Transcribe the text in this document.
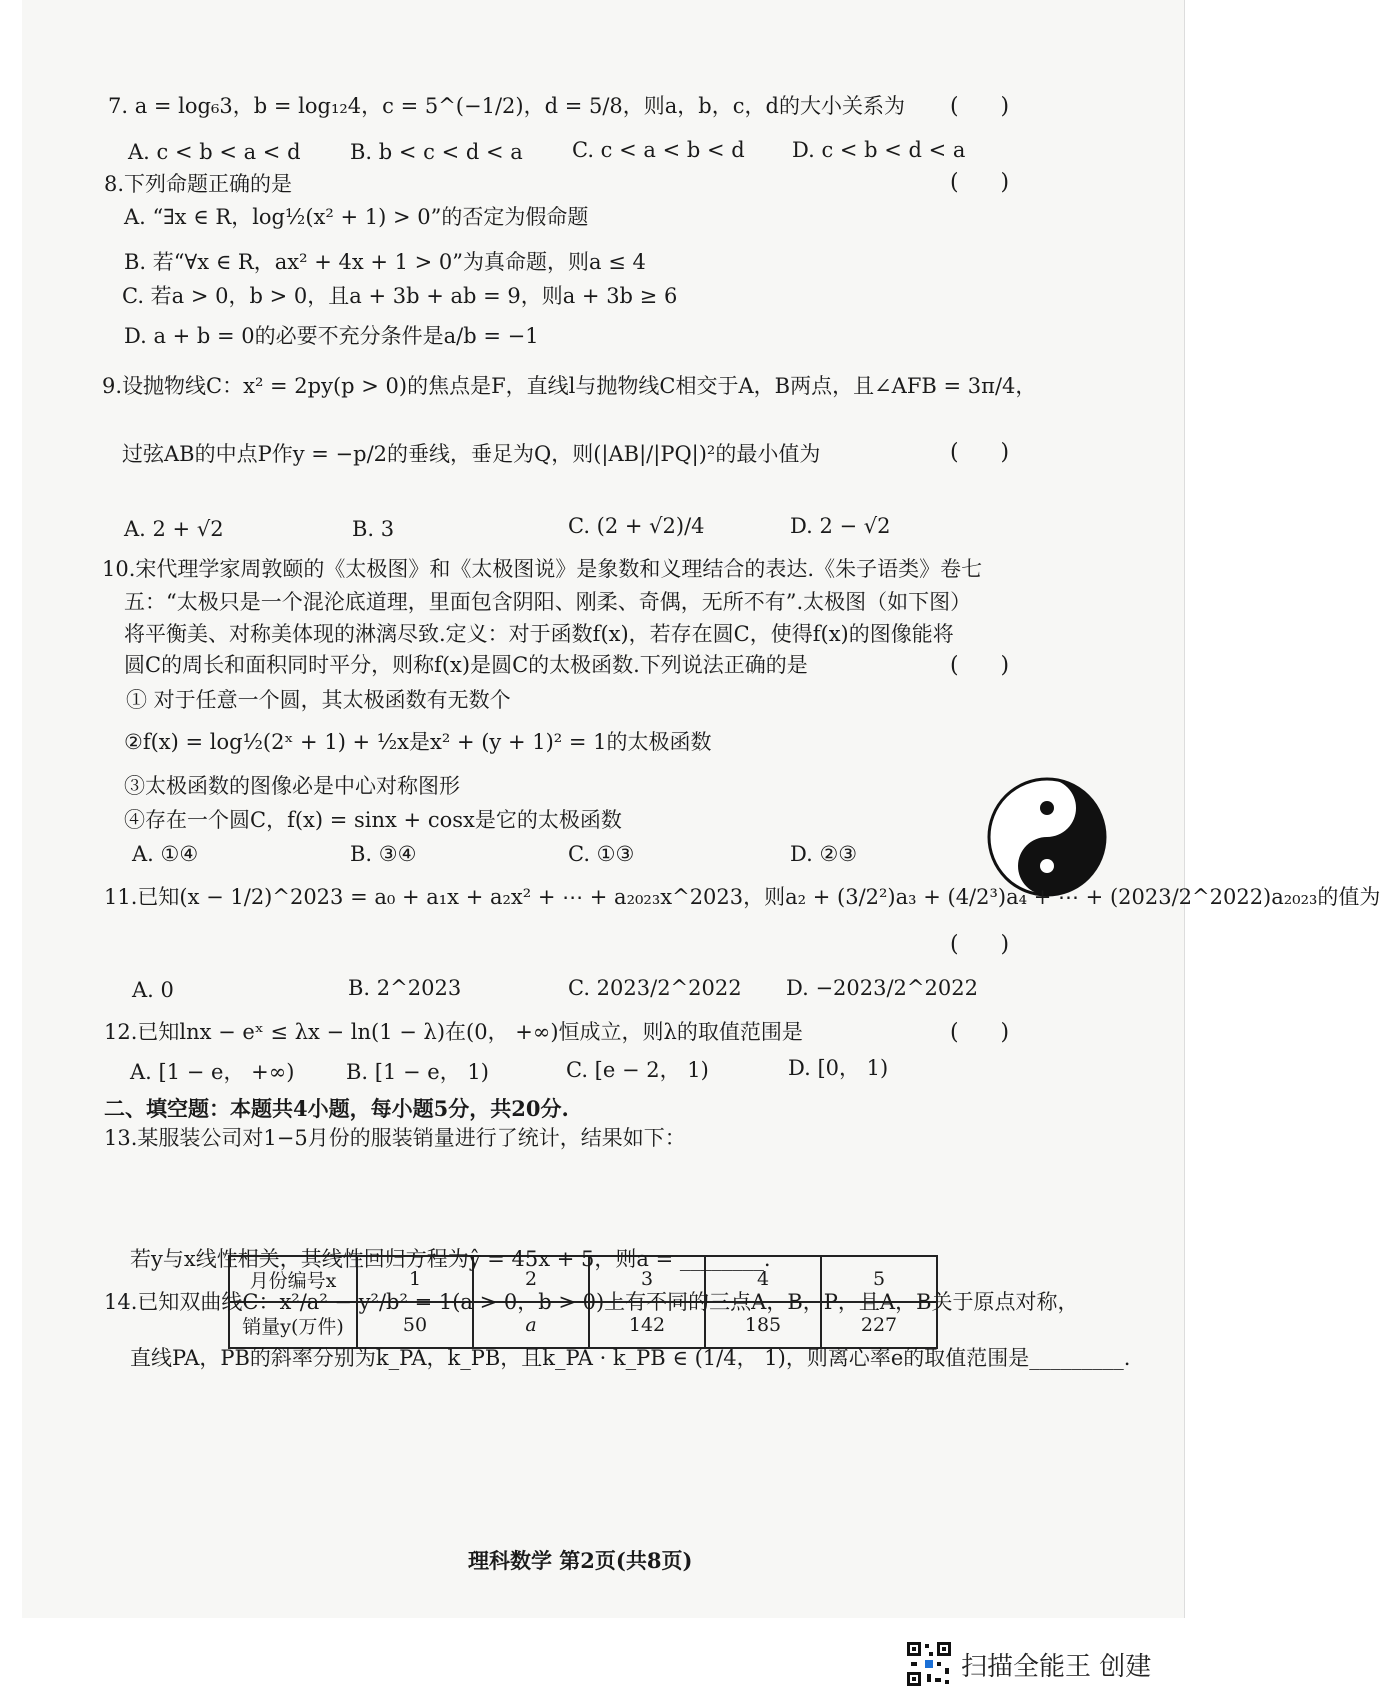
7. a = log₆3，b = log₁₂4，c = 5^(−1/2)，d = 5/8，则a，b，c，d的大小关系为 (      )
A. c < b < a < d B. b < c < d < a C. c < a < b < d D. c < b < d < a
8.下列命题正确的是	(      )
A. “∃x ∈ R，log½(x² + 1) > 0”的否定为假命题
B. 若“∀x ∈ R，ax² + 4x + 1 > 0”为真命题，则a ≤ 4
C. 若a > 0，b > 0，且a + 3b + ab = 9，则a + 3b ≥ 6
D. a + b = 0的必要不充分条件是a/b = −1
9.设抛物线C：x² = 2py(p > 0)的焦点是F，直线l与抛物线C相交于A，B两点，且∠AFB = 3π/4，
过弦AB的中点P作y = −p/2的垂线，垂足为Q，则(|AB|/|PQ|)²的最小值为	(      )
A. 2 + √2	B. 3	C. (2 + √2)/4	D. 2 − √2
10.宋代理学家周敦颐的《太极图》和《太极图说》是象数和义理结合的表达.《朱子语类》卷七
五：“太极只是一个混沦底道理，里面包含阴阳、刚柔、奇偶，无所不有”.太极图（如下图）
将平衡美、对称美体现的淋漓尽致.定义：对于函数f(x)，若存在圆C，使得f(x)的图像能将
圆C的周长和面积同时平分，则称f(x)是圆C的太极函数.下列说法正确的是	(      )
① 对于任意一个圆，其太极函数有无数个
②f(x) = log½(2ˣ + 1) + ½x是x² + (y + 1)² = 1的太极函数
③太极函数的图像必是中心对称图形
④存在一个圆C，f(x) = sinx + cosx是它的太极函数
A. ①④	B. ③④	C. ①③	D. ②③
11.已知(x − 1/2)^2023 = a₀ + a₁x + a₂x² + ⋯ + a₂₀₂₃x^2023，则a₂ + (3/2²)a₃ + (4/2³)a₄ + ⋯ + (2023/2^2022)a₂₀₂₃的值为
(      )
A. 0	B. 2^2023	C. 2023/2^2022 D. −2023/2^2022
12.已知lnx − eˣ ≤ λx − ln(1 − λ)在(0， +∞)恒成立，则λ的取值范围是	(      )
A. [1 − e， +∞) B. [1 − e， 1)	C. [e − 2， 1)	D. [0， 1)
二、填空题：本题共4小题，每小题5分，共20分.
13.某服装公司对1−5月份的服装销量进行了统计，结果如下：
月份编号x	1	2	3	4	5
销量y(万件)	50	a	142	185	227
若y与x线性相关，其线性回归方程为ŷ = 45x + 5，则a = ________.
14.已知双曲线C：x²/a² − y²/b² = 1(a > 0，b > 0)上有不同的三点A，B，P，且A，B关于原点对称，
直线PA，PB的斜率分别为k_PA，k_PB，且k_PA · k_PB ∈ (1/4， 1)，则离心率e的取值范围是_________.
理科数学 第2页(共8页)
扫描全能王 创建
